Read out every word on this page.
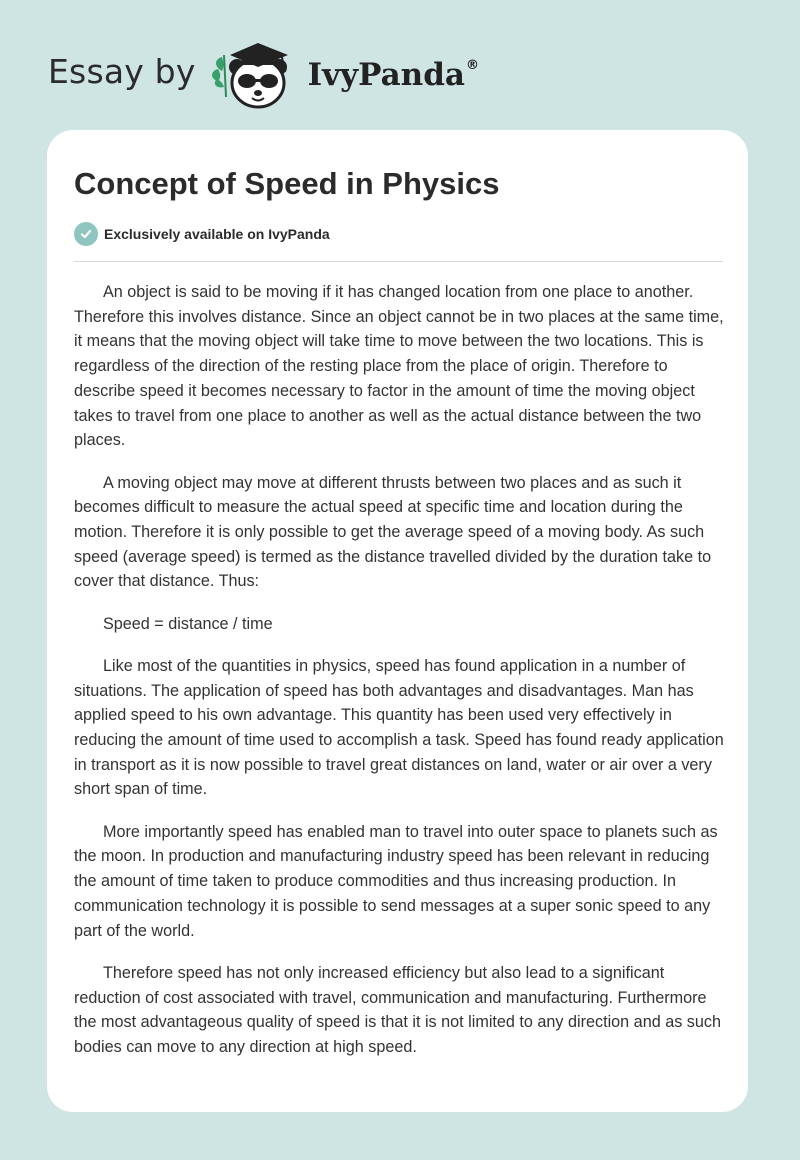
Essay by	IvyPanda®
Concept of Speed in Physics
Exclusively available on IvyPanda

An object is said to be moving if it has changed location from one place to another. Therefore this involves distance. Since an object cannot be in two places at the same time, it means that the moving object will take time to move between the two locations. This is regardless of the direction of the resting place from the place of origin. Therefore to describe speed it becomes necessary to factor in the amount of time the moving object takes to travel from one place to another as well as the actual distance between the two places.

A moving object may move at different thrusts between two places and as such it becomes difficult to measure the actual speed at specific time and location during the motion. Therefore it is only possible to get the average speed of a moving body. As such speed (average speed) is termed as the distance travelled divided by the duration take to cover that distance. Thus:

Speed = distance / time

Like most of the quantities in physics, speed has found application in a number of situations. The application of speed has both advantages and disadvantages. Man has applied speed to his own advantage. This quantity has been used very effectively in reducing the amount of time used to accomplish a task. Speed has found ready application in transport as it is now possible to travel great distances on land, water or air over a very short span of time.

More importantly speed has enabled man to travel into outer space to planets such as the moon. In production and manufacturing industry speed has been relevant in reducing the amount of time taken to produce commodities and thus increasing production. In communication technology it is possible to send messages at a super sonic speed to any part of the world.

Therefore speed has not only increased efficiency but also lead to a significant reduction of cost associated with travel, communication and manufacturing. Furthermore the most advantageous quality of speed is that it is not limited to any direction and as such bodies can move to any direction at high speed.
